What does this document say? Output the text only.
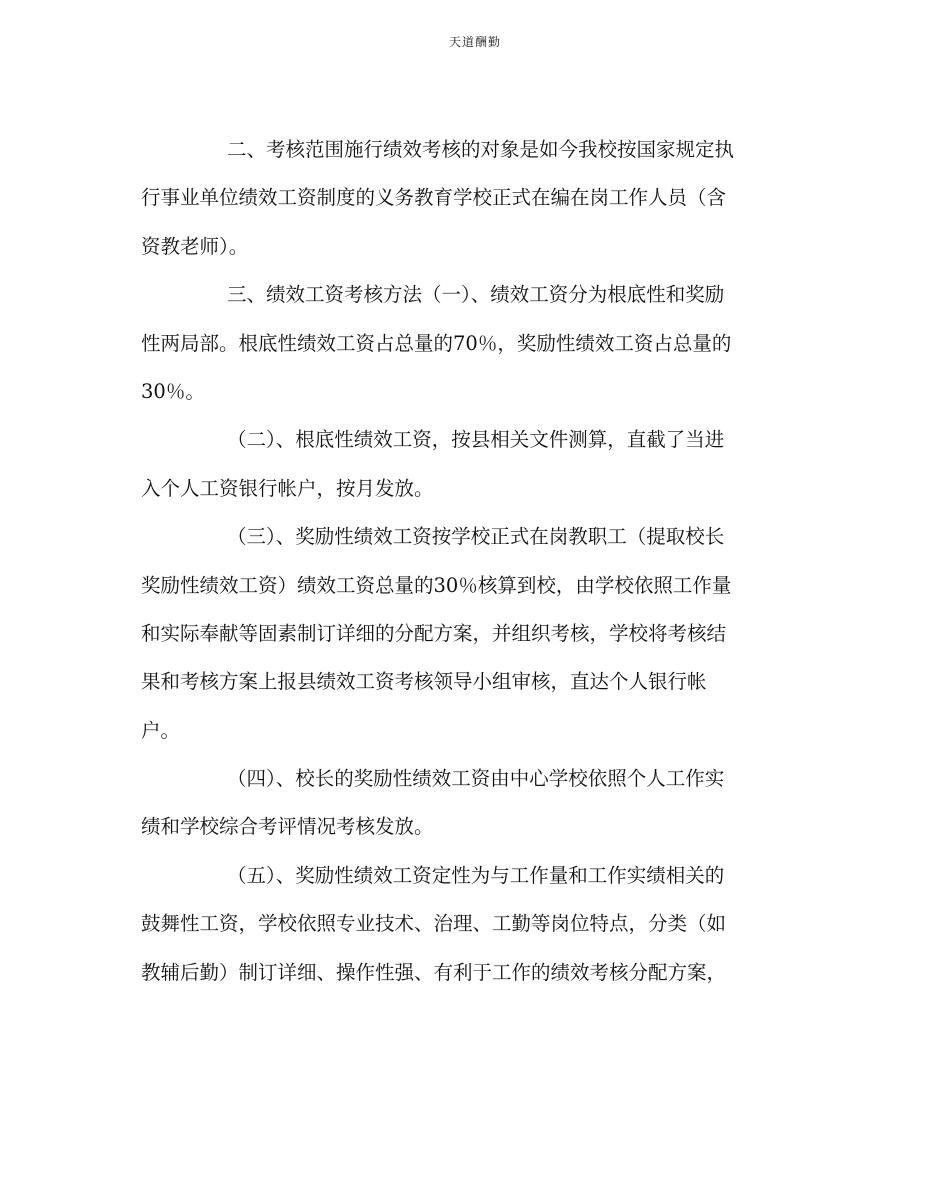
天道酬勤
二、考核范围施行绩效考核的对象是如今我校按国家规定执
行事业单位绩效工资制度的义务教育学校正式在编在岗工作人员（含
资教老师）。
三、绩效工资考核方法（一）、绩效工资分为根底性和奖励
性两局部。根底性绩效工资占总量的70％，奖励性绩效工资占总量的
30％。
（二）、根底性绩效工资，按县相关文件测算，直截了当进
入个人工资银行帐户，按月发放。
（三）、奖励性绩效工资按学校正式在岗教职工（提取校长
奖励性绩效工资）绩效工资总量的30％核算到校，由学校依照工作量
和实际奉献等固素制订详细的分配方案，并组织考核，学校将考核结
果和考核方案上报县绩效工资考核领导小组审核，直达个人银行帐
户。
（四）、校长的奖励性绩效工资由中心学校依照个人工作实
绩和学校综合考评情况考核发放。
（五）、奖励性绩效工资定性为与工作量和工作实绩相关的
鼓舞性工资，学校依照专业技术、治理、工勤等岗位特点，分类（如
教辅后勤）制订详细、操作性强、有利于工作的绩效考核分配方案，
